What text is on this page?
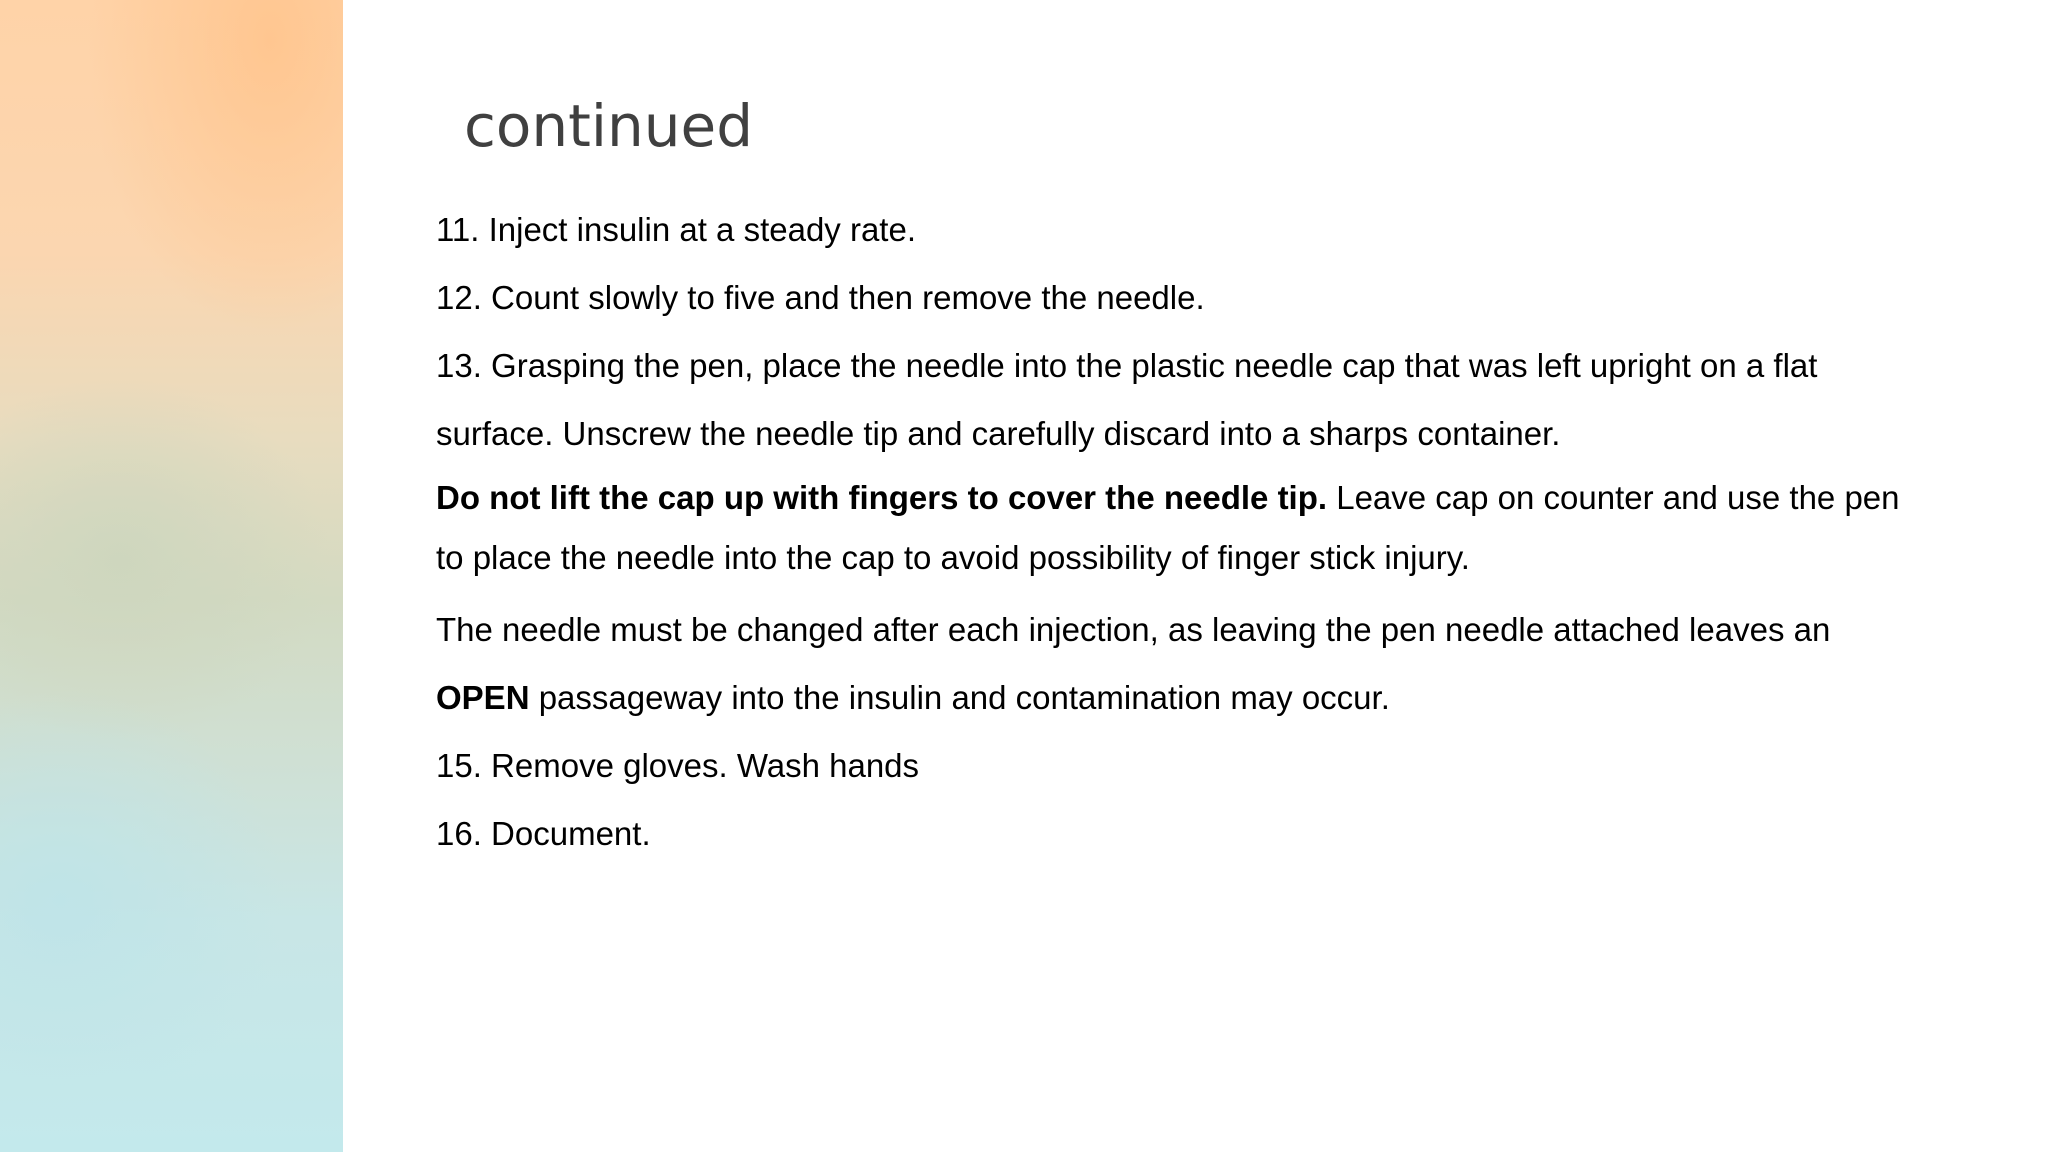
continued

11. Inject insulin at a steady rate.

12. Count slowly to five and then remove the needle.

13. Grasping the pen, place the needle into the plastic needle cap that was left upright on a flat

surface. Unscrew the needle tip and carefully discard into a sharps container.

Do not lift the cap up with fingers to cover the needle tip. Leave cap on counter and use the pen

to place the needle into the cap to avoid possibility of finger stick injury.

The needle must be changed after each injection, as leaving the pen needle attached leaves an

OPEN passageway into the insulin and contamination may occur.

15. Remove gloves. Wash hands

16. Document.
